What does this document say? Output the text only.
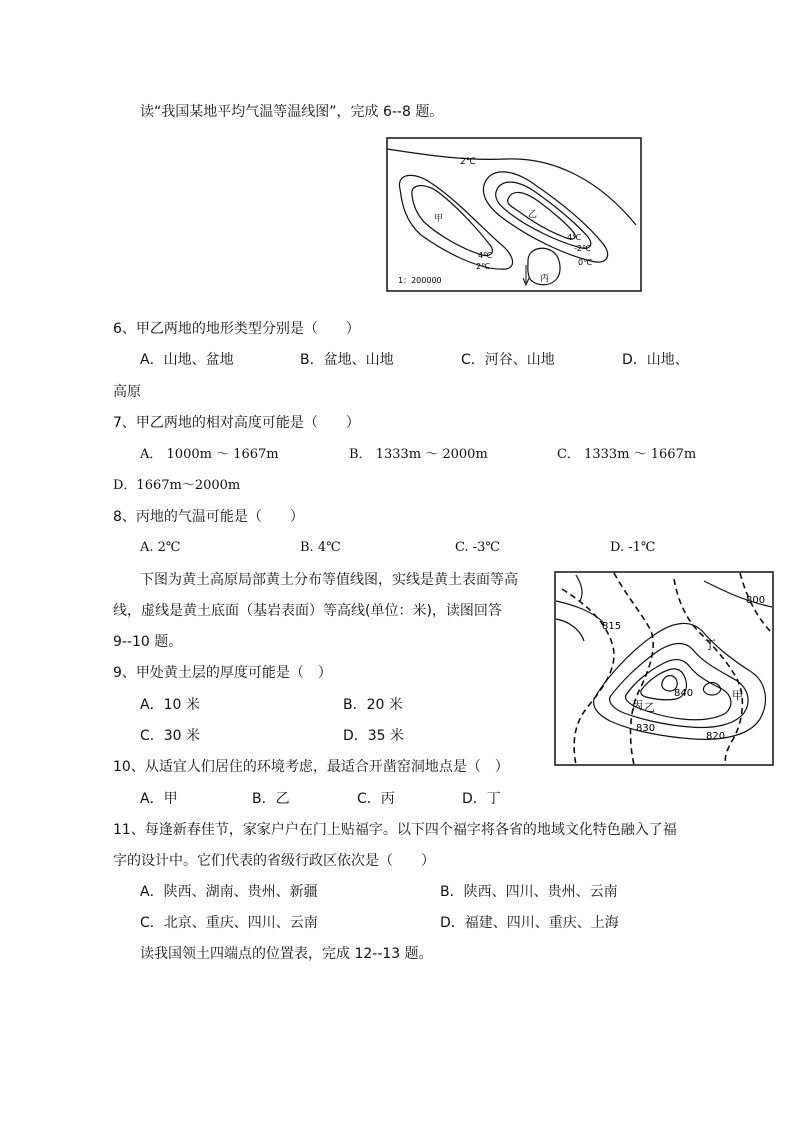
读“我国某地平均气温等温线图”，完成 6--8 题。
2℃
甲	乙
丙
4℃
2℃
4℃
-2℃
0℃
1：200000
6、甲乙两地的地形类型分别是（　　）
A．山地、盆地	B．盆地、山地	C．河谷、山地	D．山地、
高原
7、甲乙两地的相对高度可能是（　　）
A． 1000m ～ 1667m	B． 1333m ～ 2000m	C． 1333m ～ 1667m
D．1667m～2000m
8、丙地的气温可能是（　　）
A. 2℃	B. 4℃	C. -3℃	D. -1℃
下图为黄土高原局部黄土分布等值线图，实线是黄土表面等高
线，虚线是黄土底面（基岩表面）等高线(单位：米)，读图回答
9--10 题。
800
815
840
830
820
丁
甲
丙 乙
9、甲处黄土层的厚度可能是（　）
A．10 米	B．20 米
C．30 米	D．35 米
10、从适宜人们居住的环境考虑，最适合开凿窑洞地点是（　）
A．甲	B．乙	C．丙	D．丁
11、每逢新春佳节，家家户户在门上贴福字。以下四个福字将各省的地域文化特色融入了福
字的设计中。它们代表的省级行政区依次是（　　）
A．陕西、湖南、贵州、新疆	B．陕西、四川、贵州、云南
C．北京、重庆、四川、云南	D．福建、四川、重庆、上海
读我国领土四端点的位置表，完成 12--13 题。
